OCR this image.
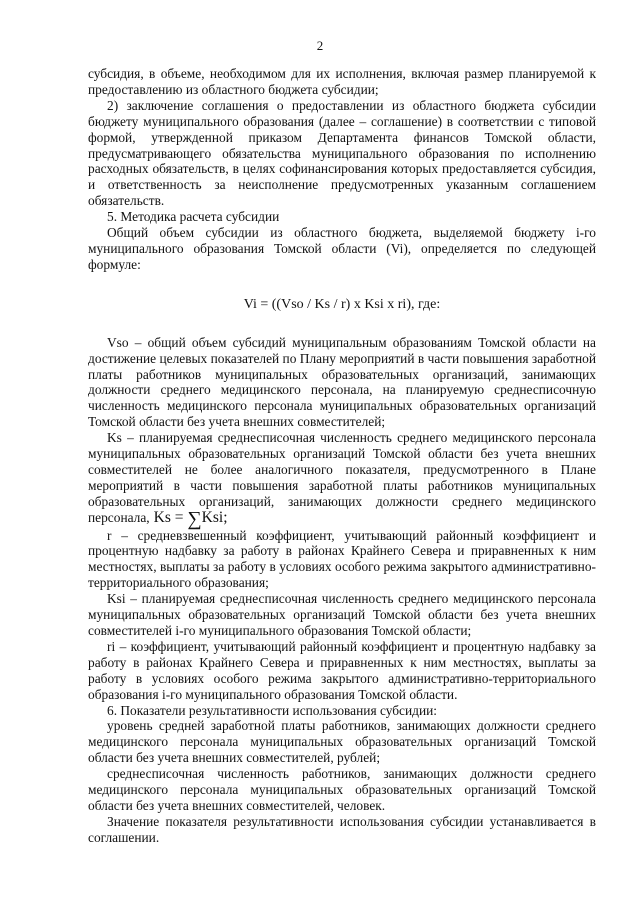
2

субсидия, в объеме, необходимом для их исполнения, включая размер планируемой к предоставлению из областного бюджета субсидии;

2) заключение соглашения о предоставлении из областного бюджета субсидии бюджету муниципального образования (далее – соглашение) в соответствии с типовой формой, утвержденной приказом Департамента финансов Томской области, предусматривающего обязательства муниципального образования по исполнению расходных обязательств, в целях софинансирования которых предоставляется субсидия, и ответственность за неисполнение предусмотренных указанным соглашением обязательств.

5. Методика расчета субсидии

Общий объем субсидии из областного бюджета, выделяемой бюджету i-го муниципального образования Томской области (Vi), определяется по следующей формуле:

Vi = ((Vso / Ks / r) x Ksi x ri), где:

Vso – общий объем субсидий муниципальным образованиям Томской области на достижение целевых показателей по Плану мероприятий в части повышения заработной платы работников муниципальных образовательных организаций, занимающих должности среднего медицинского персонала, на планируемую среднесписочную численность медицинского персонала муниципальных образовательных организаций Томской области без учета внешних совместителей;

Ks – планируемая среднесписочная численность среднего медицинского персонала муниципальных образовательных организаций Томской области без учета внешних совместителей не более аналогичного показателя, предусмотренного в Плане мероприятий в части повышения заработной платы работников муниципальных образовательных организаций, занимающих должности среднего медицинского персонала, Ks = ∑Ksi;

r – средневзвешенный коэффициент, учитывающий районный коэффициент и процентную надбавку за работу в районах Крайнего Севера и приравненных к ним местностях, выплаты за работу в условиях особого режима закрытого административно-территориального образования;

Ksi – планируемая среднесписочная численность среднего медицинского персонала муниципальных образовательных организаций Томской области без учета внешних совместителей i-го муниципального образования Томской области;

ri – коэффициент, учитывающий районный коэффициент и процентную надбавку за работу в районах Крайнего Севера и приравненных к ним местностях, выплаты за работу в условиях особого режима закрытого административно-территориального образования i-го муниципального образования Томской области.

6. Показатели результативности использования субсидии:

уровень средней заработной платы работников, занимающих должности среднего медицинского персонала муниципальных образовательных организаций Томской области без учета внешних совместителей, рублей;

среднесписочная численность работников, занимающих должности среднего медицинского персонала муниципальных образовательных организаций Томской области без учета внешних совместителей, человек.

Значение показателя результативности использования субсидии устанавливается в соглашении.
